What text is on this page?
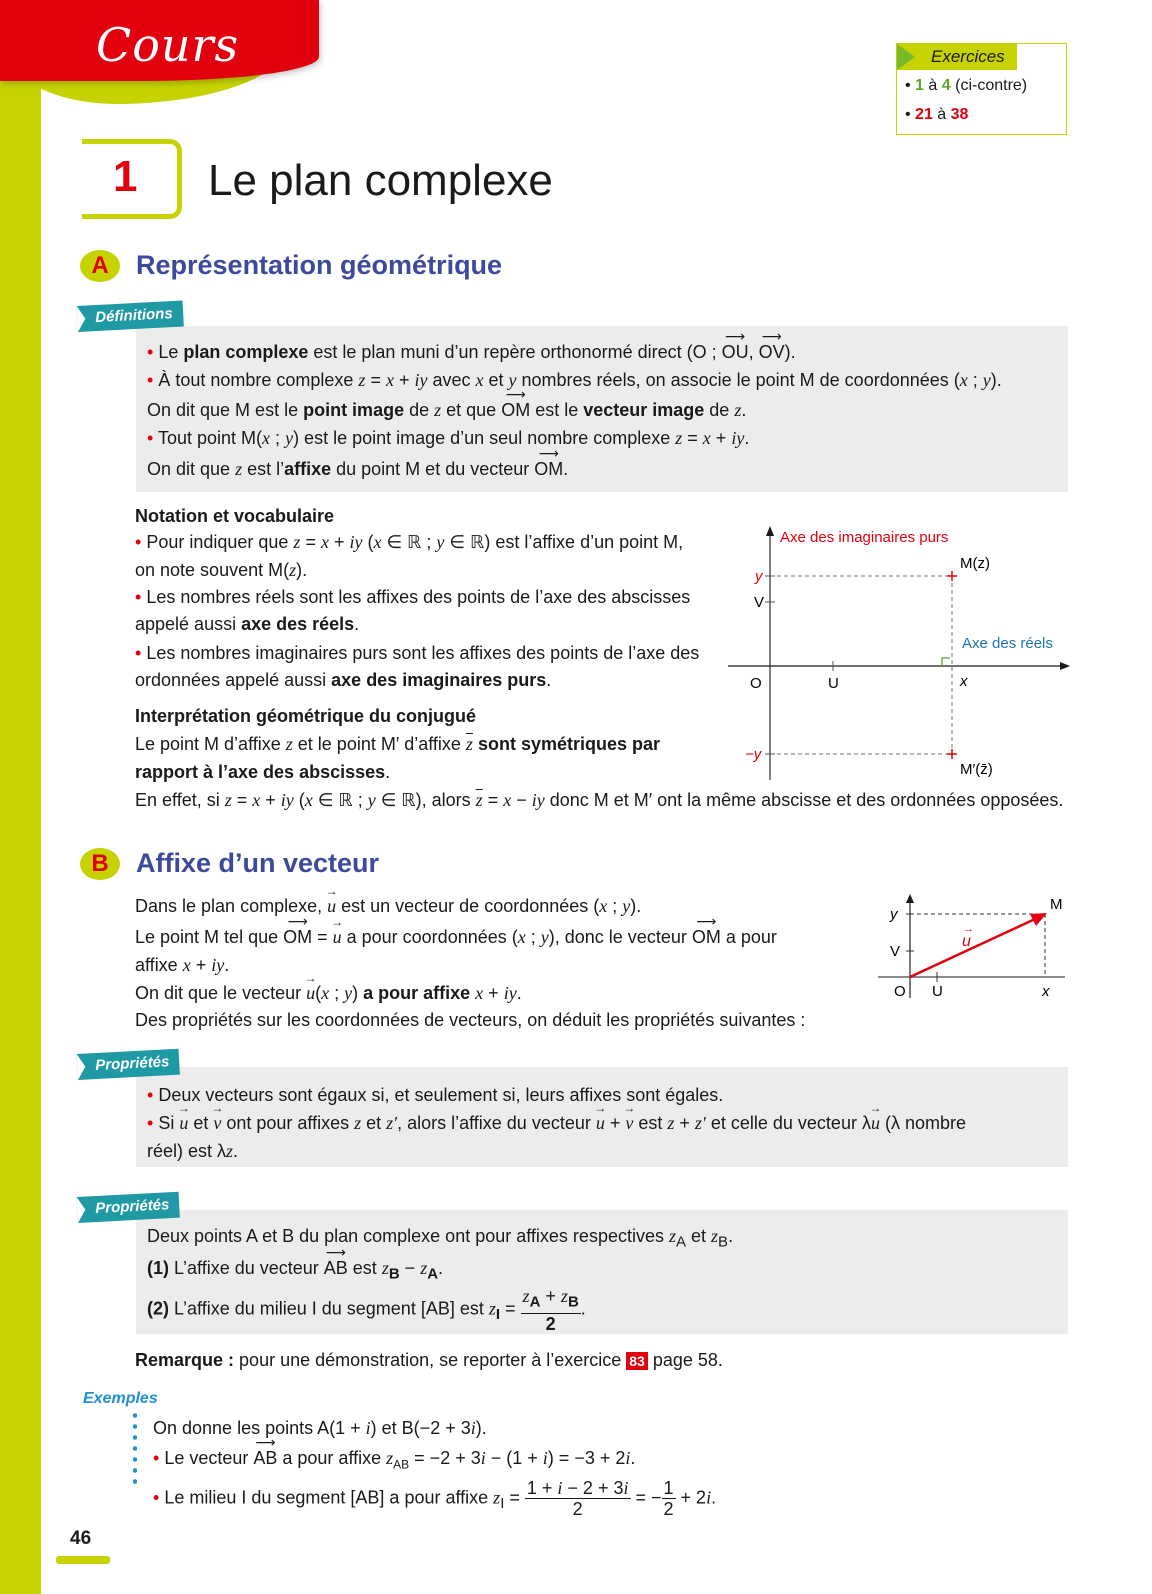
Cours	Exercices
• 1 à 4 (ci-contre)
• 21 à 38
1 Le plan complexe
A	Représentation géométrique
Définitions
• Le plan complexe est le plan muni d’un repère orthonormé direct (O ; ⟶ OU, ⟶ OV).
• À tout nombre complexe z = x + iy avec x et y nombres réels, on associe le point M de coordonnées (x ; y).
On dit que M est le point image de z et que ⟶ OM est le vecteur image de z.
• Tout point M(x ; y) est le point image d’un seul nombre complexe z = x + iy.
On dit que z est l’affixe du point M et du vecteur ⟶ OM.
Notation et vocabulaire
• Pour indiquer que z = x + iy (x ∈ ℝ ; y ∈ ℝ) est l’affixe d’un point M,
on note souvent M(z).
• Les nombres réels sont les affixes des points de l’axe des abscisses
appelé aussi axe des réels.
• Les nombres imaginaires purs sont les affixes des points de l’axe des
ordonnées appelé aussi axe des imaginaires purs.
Interprétation géométrique du conjugué
Le point M d’affixe z et le point M′ d’affixe $\overline{z}$ sont symétriques par
rapport à l’axe des abscisses.
En effet, si z = x + iy (x ∈ ℝ ; y ∈ ℝ), alors $\overline{z} = x$ − iy donc M et M′ ont la même abscisse et des ordonnées opposées.
Axe des imaginaires purs
Axe des réels
y
−y
V
O	U	x
M(z)
M′(z̄)
B	Affixe d’un vecteur
Dans le plan complexe, → u est un vecteur de coordonnées (x ; y).
Le point M tel que ⟶ OM = → u a pour coordonnées (x ; y), donc le vecteur ⟶ OM a pour
affixe x + iy.
On dit que le vecteur → u(x ; y) a pour affixe x + iy.
Des propriétés sur les coordonnées de vecteurs, on déduit les propriétés suivantes :
y
V
O U	x
M
u
→
Propriétés
• Deux vecteurs sont égaux si, et seulement si, leurs affixes sont égales.
• Si → u et → v ont pour affixes z et z′, alors l’affixe du vecteur → u + → v est z + z′ et celle du vecteur λ→ u (λ nombre
réel) est λz.
Propriétés
Deux points A et B du plan complexe ont pour affixes respectives $z_A$ et $z_B$.
(1) L’affixe du vecteur ⟶ AB est $z_B - z_A$.
(2) L’affixe du milieu I du segment [AB] est $z_I = \frac{z_A + z_B}{2}$ .
Remarque : pour une démonstration, se reporter à l’exercice 83 page 58.
Exemples
On donne les points A(1 + i) et B(−2 + 3i).
• Le vecteur ⟶ AB a pour affixe $z_{AB} = -2 + 3i - (1 + i) = -3 + 2i$.
• Le milieu I du segment [AB] a pour affixe $z_I = \frac{1 + i - 2 + 3i}{2}$ = − $\frac{1}{2} + 2i$.
46
